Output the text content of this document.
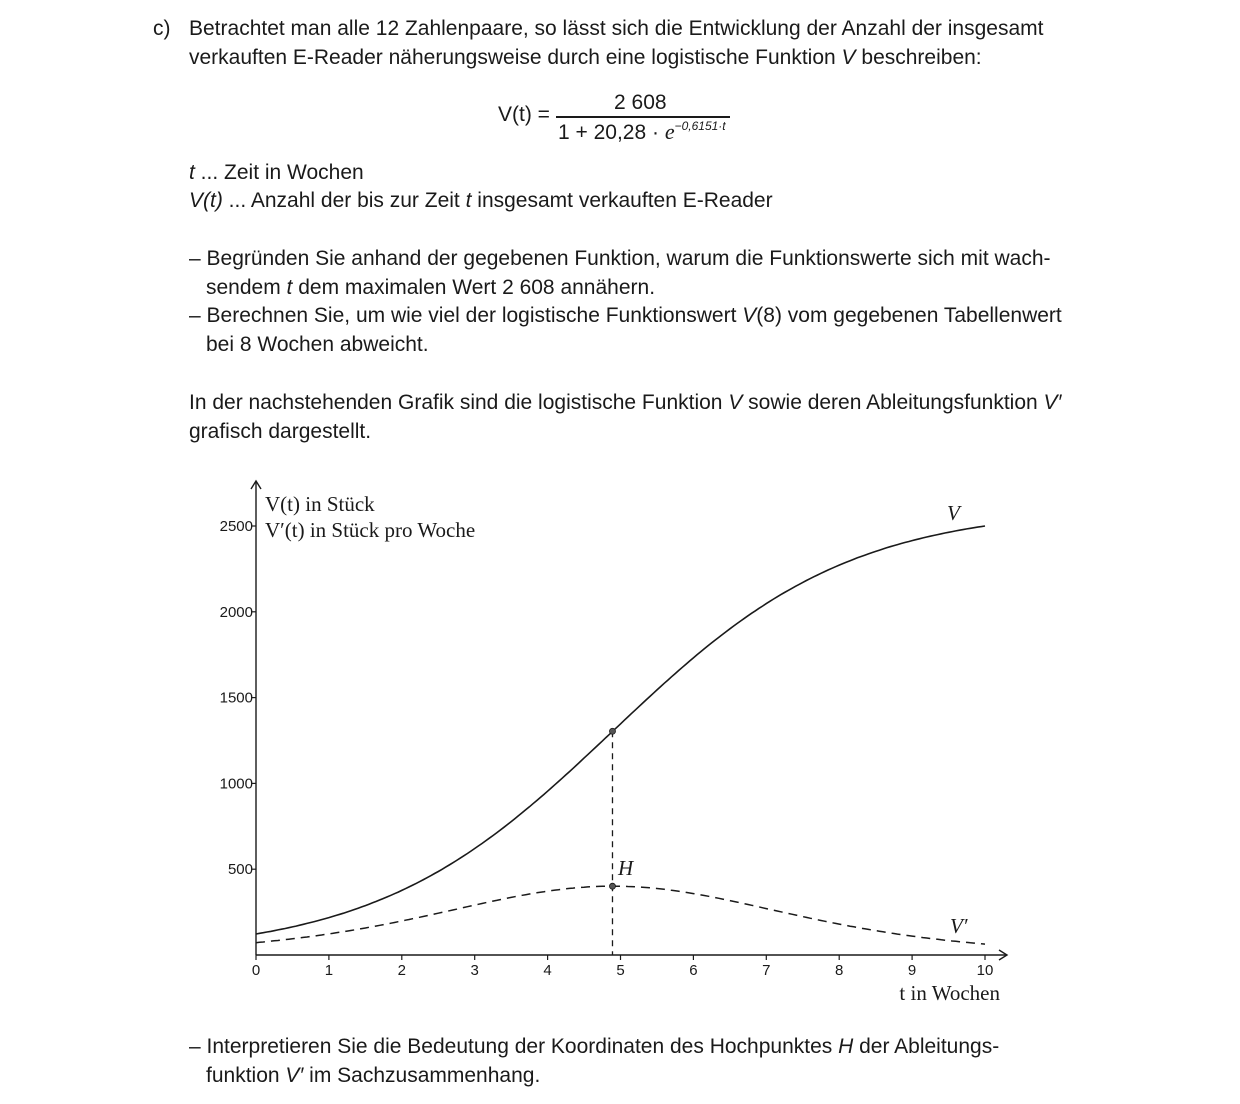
c) Betrachtet man alle 12 Zahlenpaare, so lässt sich die Entwicklung der Anzahl der insgesamt
verkauften E-Reader näherungsweise durch eine logistische Funktion V beschreiben:
V(t) =
2 608
$1 + 20,28 \cdot e^{-0,6151\cdot t}$
t ... Zeit in Wochen
V(t) ... Anzahl der bis zur Zeit t insgesamt verkauften E-Reader
– Begründen Sie anhand der gegebenen Funktion, warum die Funktionswerte sich mit wach-
sendem t dem maximalen Wert 2 608 annähern.
– Berechnen Sie, um wie viel der logistische Funktionswert V(8) vom gegebenen Tabellenwert
bei 8 Wochen abweicht.
In der nachstehenden Grafik sind die logistische Funktion V sowie deren Ableitungsfunktion V′
grafisch dargestellt.
0	1	2	3	4	5	6	7	8	9	10
500
1000
1500
2000
2500
V(t) in Stück
V′(t) in Stück pro Woche
t in Wochen
V
V′
H
– Interpretieren Sie die Bedeutung der Koordinaten des Hochpunktes H der Ableitungs-
funktion V′ im Sachzusammenhang.
